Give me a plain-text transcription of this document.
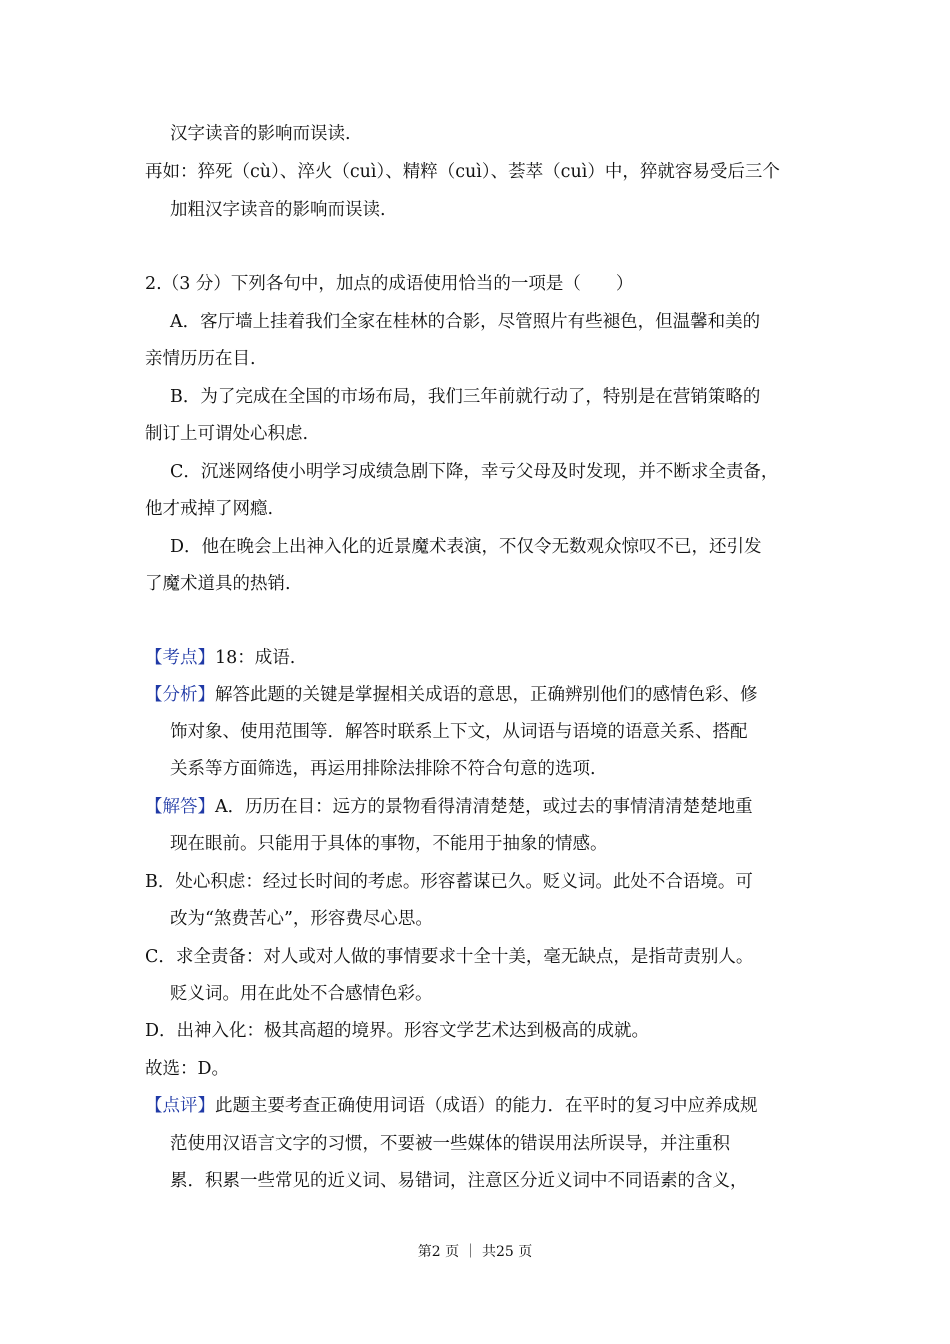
汉字读音的影响而误读.
再如：猝死（cù）、淬火（cuì）、精粹（cuì）、荟萃（cuì）中，猝就容易受后三个
加粗汉字读音的影响而误读.
2.（3 分）下列各句中，加点的成语使用恰当的一项是（　　）
A．客厅墙上挂着我们全家在桂林的合影，尽管照片有些褪色，但温馨和美的
亲情历历在目.
B．为了完成在全国的市场布局，我们三年前就行动了，特别是在营销策略的
制订上可谓处心积虑.
C．沉迷网络使小明学习成绩急剧下降，幸亏父母及时发现，并不断求全责备，
他才戒掉了网瘾.
D．他在晚会上出神入化的近景魔术表演，不仅令无数观众惊叹不已，还引发
了魔术道具的热销.
【考点】18：成语.
【分析】解答此题的关键是掌握相关成语的意思，正确辨别他们的感情色彩、修
饰对象、使用范围等．解答时联系上下文，从词语与语境的语意关系、搭配
关系等方面筛选，再运用排除法排除不符合句意的选项.
【解答】A．历历在目：远方的景物看得清清楚楚，或过去的事情清清楚楚地重
现在眼前。只能用于具体的事物，不能用于抽象的情感。
B．处心积虑：经过长时间的考虑。形容蓄谋已久。贬义词。此处不合语境。可
改为“煞费苦心”，形容费尽心思。
C．求全责备：对人或对人做的事情要求十全十美，毫无缺点，是指苛责别人。
贬义词。用在此处不合感情色彩。
D．出神入化：极其高超的境界。形容文学艺术达到极高的成就。
故选：D。
【点评】此题主要考查正确使用词语（成语）的能力．在平时的复习中应养成规
范使用汉语言文字的习惯，不要被一些媒体的错误用法所误导，并注重积
累．积累一些常见的近义词、易错词，注意区分近义词中不同语素的含义，
第2 页 ｜ 共25 页
